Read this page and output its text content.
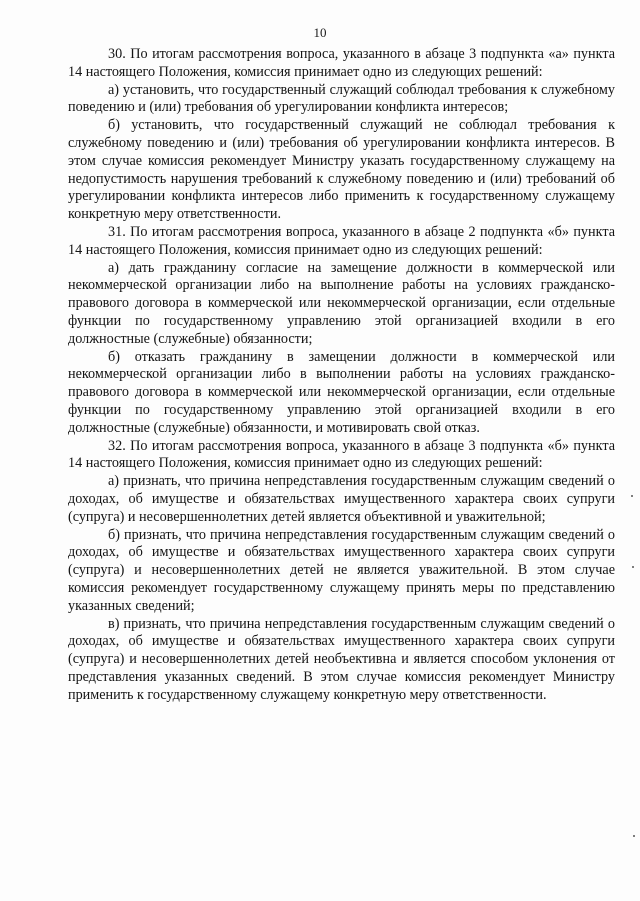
10

30. По итогам рассмотрения вопроса, указанного в абзаце 3 подпункта «а» пункта 14 настоящего Положения, комиссия принимает одно из следующих решений:

а) установить, что государственный служащий соблюдал требования к служебному поведению и (или) требования об урегулировании конфликта интересов;

б) установить, что государственный служащий не соблюдал требования к служебному поведению и (или) требования об урегулировании конфликта интересов. В этом случае комиссия рекомендует Министру указать государственному служащему на недопустимость нарушения требований к служебному поведению и (или) требований об урегулировании конфликта интересов либо применить к государственному служащему конкретную меру ответственности.

31. По итогам рассмотрения вопроса, указанного в абзаце 2 подпункта «б» пункта 14 настоящего Положения, комиссия принимает одно из следующих решений:

а) дать гражданину согласие на замещение должности в коммерческой или некоммерческой организации либо на выполнение работы на условиях гражданско-правового договора в коммерческой или некоммерческой организации, если отдельные функции по государственному управлению этой организацией входили в его должностные (служебные) обязанности;

б) отказать гражданину в замещении должности в коммерческой или некоммерческой организации либо в выполнении работы на условиях гражданско-правового договора в коммерческой или некоммерческой организации, если отдельные функции по государственному управлению этой организацией входили в его должностные (служебные) обязанности, и мотивировать свой отказ.

32. По итогам рассмотрения вопроса, указанного в абзаце 3 подпункта «б» пункта 14 настоящего Положения, комиссия принимает одно из следующих решений:

а) признать, что причина непредставления государственным служащим сведений о доходах, об имуществе и обязательствах имущественного характера своих супруги (супруга) и несовершеннолетних детей является объективной и уважительной;

б) признать, что причина непредставления государственным служащим сведений о доходах, об имуществе и обязательствах имущественного характера своих супруги (супруга) и несовершеннолетних детей не является уважительной. В этом случае комиссия рекомендует государственному служащему принять меры по представлению указанных сведений;

в) признать, что причина непредставления государственным служащим сведений о доходах, об имуществе и обязательствах имущественного характера своих супруги (супруга) и несовершеннолетних детей необъективна и является способом уклонения от представления указанных сведений. В этом случае комиссия рекомендует Министру применить к государственному служащему конкретную меру ответственности.
